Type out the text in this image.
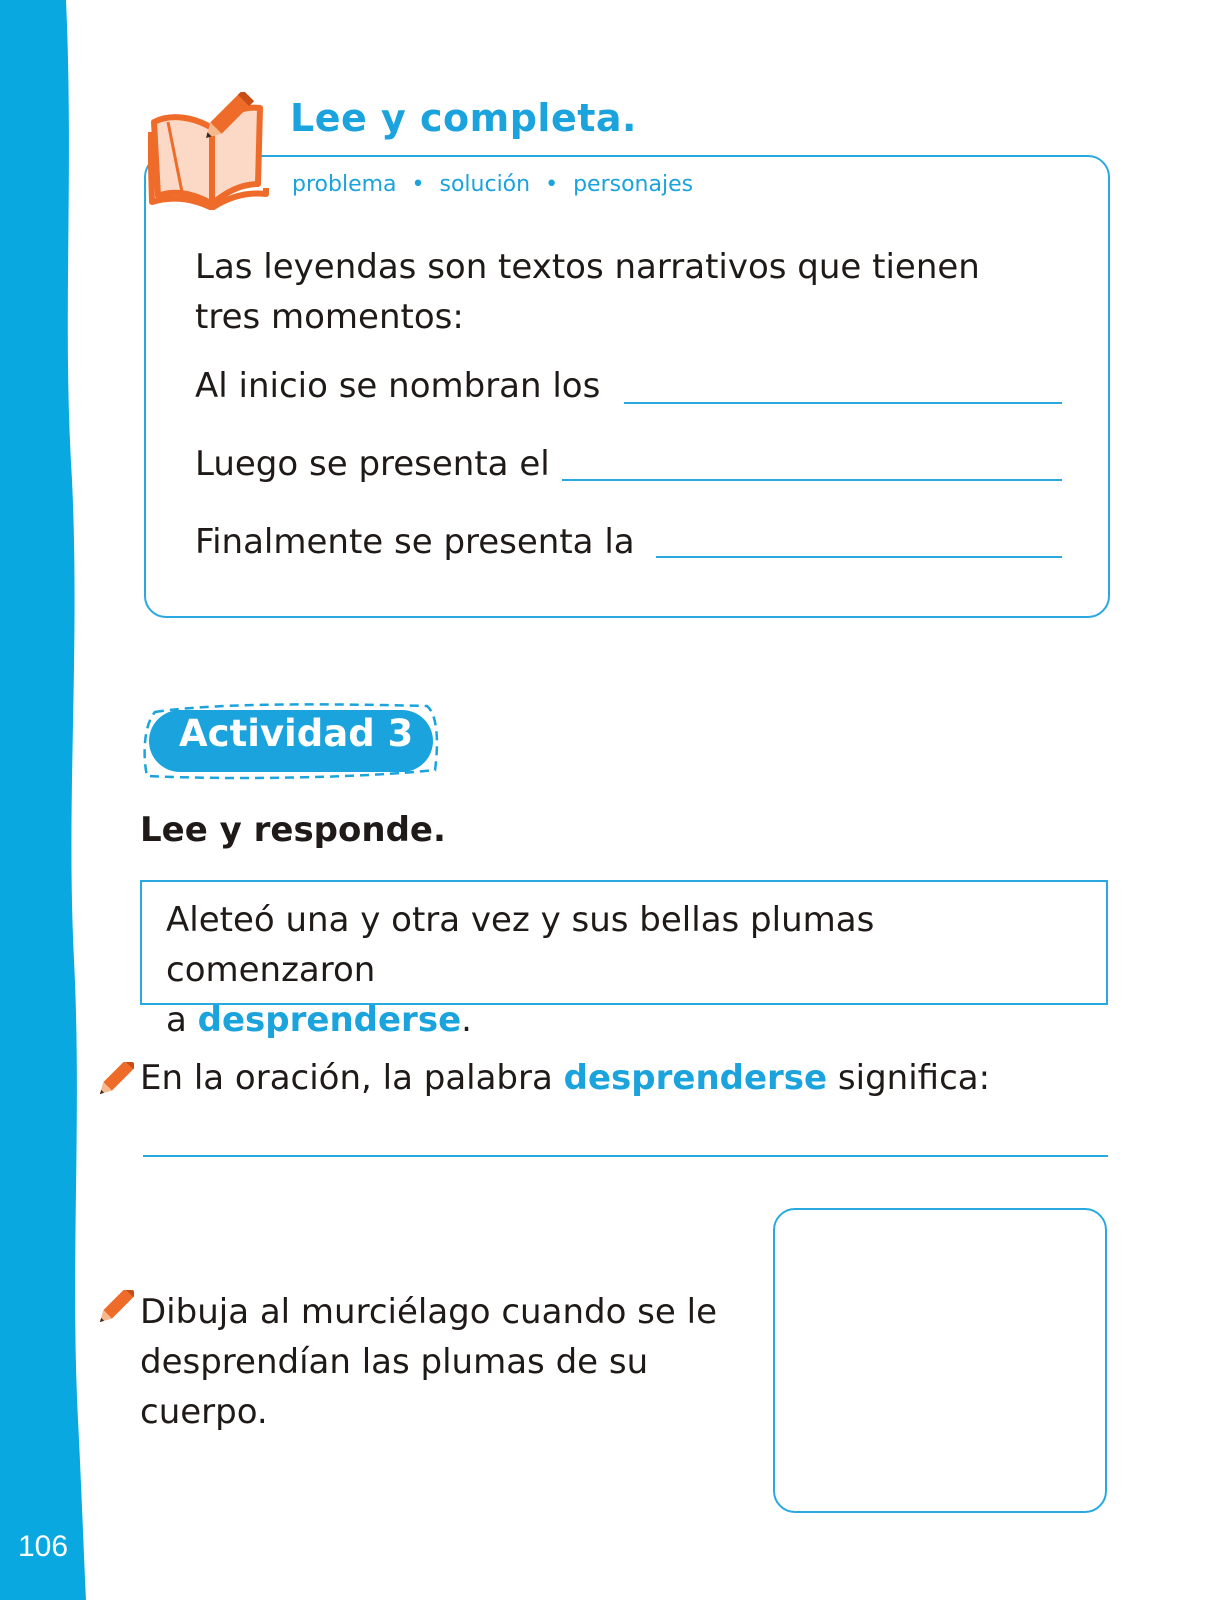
106
Lee y completa.
problema • solución • personajes

Las leyendas son textos narrativos que tienen
tres momentos:

Al inicio se nombran los
Luego se presenta el
Finalmente se presenta la
Actividad 3
Lee y responde.

Aleteó una y otra vez y sus bellas plumas comenzaron
a desprenderse.

En la oración, la palabra desprenderse significa:

Dibuja al murciélago cuando se le
desprendían las plumas de su cuerpo.
